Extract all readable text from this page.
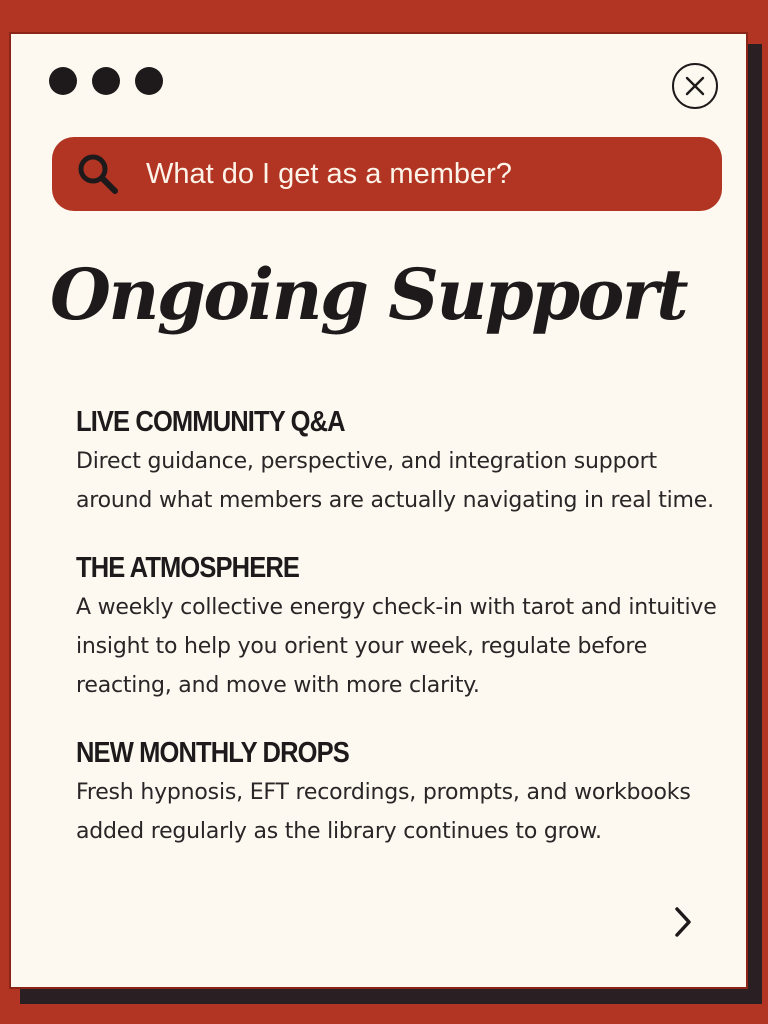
What do I get as a member?
Ongoing Support
LIVE COMMUNITY Q&A

Direct guidance, perspective, and integration support around what members are actually navigating in real time.

THE ATMOSPHERE

A weekly collective energy check-in with tarot and intuitive insight to help you orient your week, regulate before reacting, and move with more clarity.

NEW MONTHLY DROPS

Fresh hypnosis, EFT recordings, prompts, and workbooks added regularly as the library continues to grow.
